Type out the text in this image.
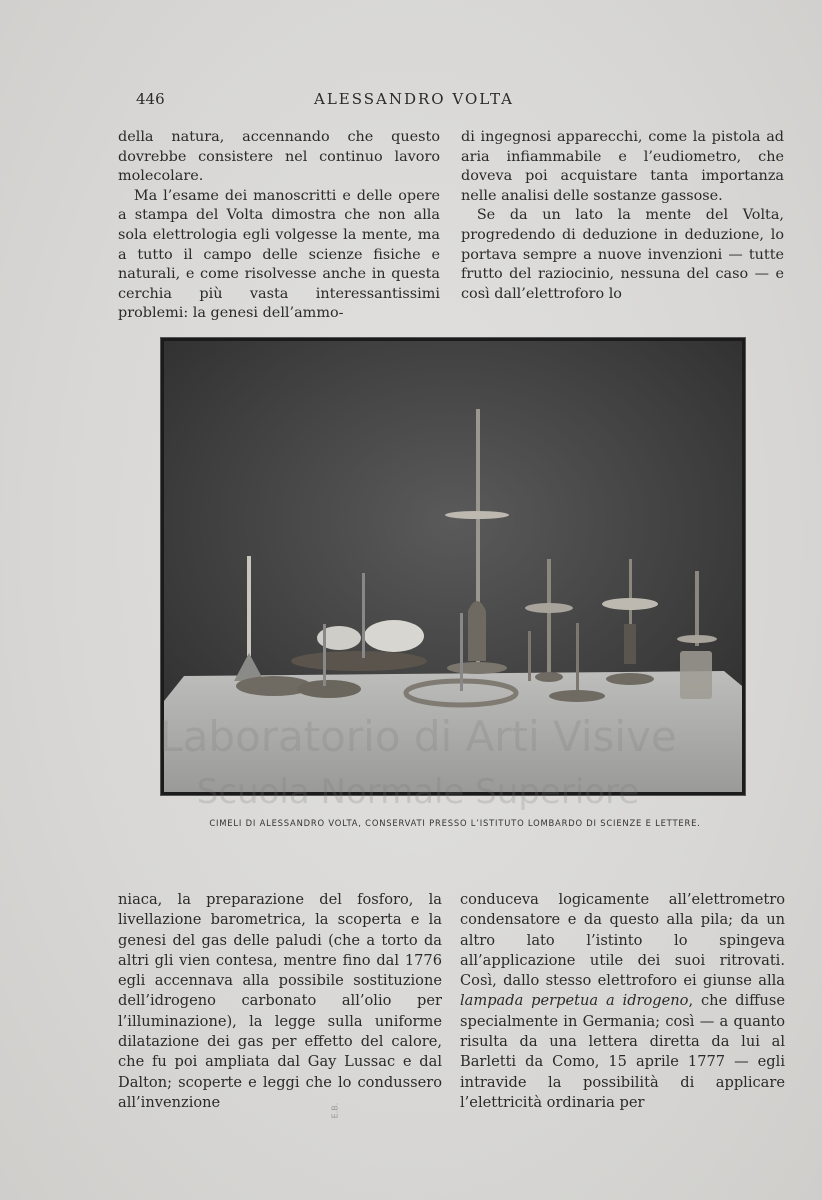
446	ALESSANDRO VOLTA

della natura, accennando che questo dovrebbe consistere nel continuo lavoro molecolare.

Ma l’esame dei manoscritti e delle opere a stampa del Volta dimostra che non alla sola elettrologia egli volgesse la mente, ma a tutto il campo delle scienze fisiche e naturali, e come risolvesse anche in questa cerchia più vasta interessantissimi problemi: la genesi dell’ammo-

di ingegnosi apparecchi, come la pistola ad aria infiammabile e l’eudiometro, che doveva poi acquistare tanta importanza nelle analisi delle sostanze gassose.

Se da un lato la mente del Volta, progredendo di deduzione in deduzione, lo portava sempre a nuove invenzioni — tutte frutto del raziocinio, nessuna del caso — e così dall’elettroforo lo

E.B.
CIMELI DI ALESSANDRO VOLTA, CONSERVATI PRESSO L’ISTITUTO LOMBARDO DI SCIENZE E LETTERE.
Laboratorio di Arti Visive
Scuola Normale Superiore

niaca, la preparazione del fosforo, la livellazione barometrica, la scoperta e la genesi del gas delle paludi (che a torto da altri gli vien contesa, mentre fino dal 1776 egli accennava alla possibile sostituzione dell’idrogeno carbonato all’olio per l’illuminazione), la legge sulla uniforme dilatazione dei gas per effetto del calore, che fu poi ampliata dal Gay Lussac e dal Dalton; scoperte e leggi che lo condussero all’invenzione

conduceva logicamente all’elettrometro condensatore e da questo alla pila; da un altro lato l’istinto lo spingeva all’applicazione utile dei suoi ritrovati. Così, dallo stesso elettroforo ei giunse alla lampada perpetua a idrogeno, che diffuse specialmente in Germania; così — a quanto risulta da una lettera diretta da lui al Barletti da Como, 15 aprile 1777 — egli intravide la possibilità di applicare l’elettricità ordinaria per
